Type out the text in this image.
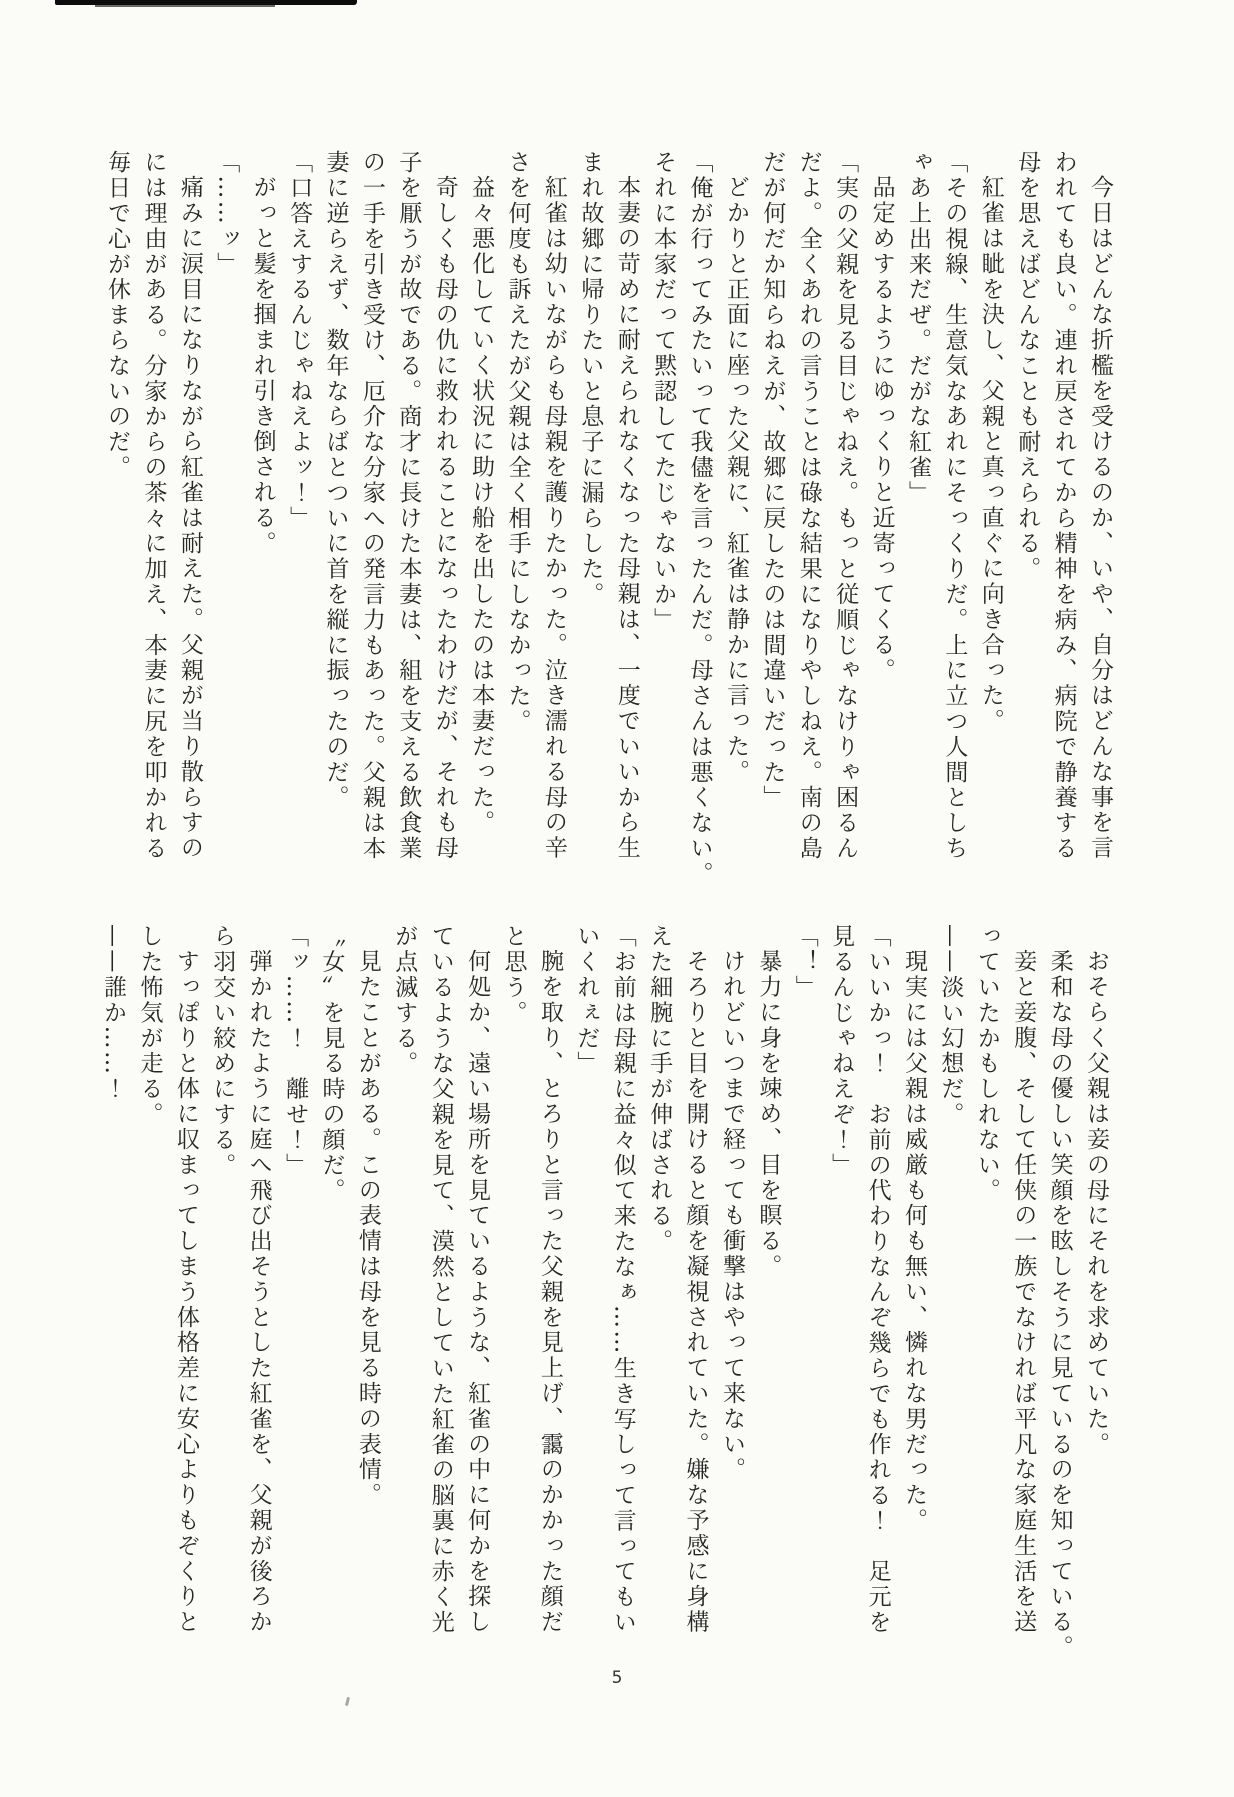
今日はどんな折檻を受けるのか、いや、自分はどんな事を言

われても良い。連れ戻されてから精神を病み、病院で静養する

母を思えばどんなことも耐えられる。

紅雀は眦を決し、父親と真っ直ぐに向き合った。

「その視線、生意気なあれにそっくりだ。上に立つ人間としち

ゃあ上出来だぜ。だがな紅雀」

品定めするようにゆっくりと近寄ってくる。

「実の父親を見る目じゃねえ。もっと従順じゃなけりゃ困るん

だよ。全くあれの言うことは碌な結果になりやしねえ。南の島

だが何だか知らねえが、故郷に戻したのは間違いだった」

どかりと正面に座った父親に、紅雀は静かに言った。

「俺が行ってみたいって我儘を言ったんだ。母さんは悪くない。

それに本家だって黙認してたじゃないか」

本妻の苛めに耐えられなくなった母親は、一度でいいから生

まれ故郷に帰りたいと息子に漏らした。

紅雀は幼いながらも母親を護りたかった。泣き濡れる母の辛

さを何度も訴えたが父親は全く相手にしなかった。

益々悪化していく状況に助け船を出したのは本妻だった。

奇しくも母の仇に救われることになったわけだが、それも母

子を厭うが故である。商才に長けた本妻は、組を支える飲食業

の一手を引き受け、厄介な分家への発言力もあった。父親は本

妻に逆らえず、数年ならばとついに首を縦に振ったのだ。

「口答えするんじゃねえよッ！」

がっと髪を掴まれ引き倒される。

「……ッ」

痛みに涙目になりながら紅雀は耐えた。父親が当り散らすの

には理由がある。分家からの茶々に加え、本妻に尻を叩かれる

毎日で心が休まらないのだ。

おそらく父親は妾の母にそれを求めていた。

柔和な母の優しい笑顔を眩しそうに見ているのを知っている。

妾と妾腹、そして任侠の一族でなければ平凡な家庭生活を送

っていたかもしれない。

——淡い幻想だ。

現実には父親は威厳も何も無い、憐れな男だった。

「いいかっ！　お前の代わりなんぞ幾らでも作れる！　足元を

見るんじゃねえぞ！」

「！」

暴力に身を竦め、目を瞑る。

けれどいつまで経っても衝撃はやって来ない。

そろりと目を開けると顔を凝視されていた。嫌な予感に身構

えた細腕に手が伸ばされる。

「お前は母親に益々似て来たなぁ……生き写しって言ってもい

いくれぇだ」

腕を取り、とろりと言った父親を見上げ、靄のかかった顔だ

と思う。

何処か、遠い場所を見ているような、紅雀の中に何かを探し

ているような父親を見て、漠然としていた紅雀の脳裏に赤く光

が点滅する。

見たことがある。この表情は母を見る時の表情。

〝女〟を見る時の顔だ。

「ッ……！　離せ！」

弾かれたように庭へ飛び出そうとした紅雀を、父親が後ろか

ら羽交い絞めにする。

すっぽりと体に収まってしまう体格差に安心よりもぞくりと

した怖気が走る。

——誰か……！

5
